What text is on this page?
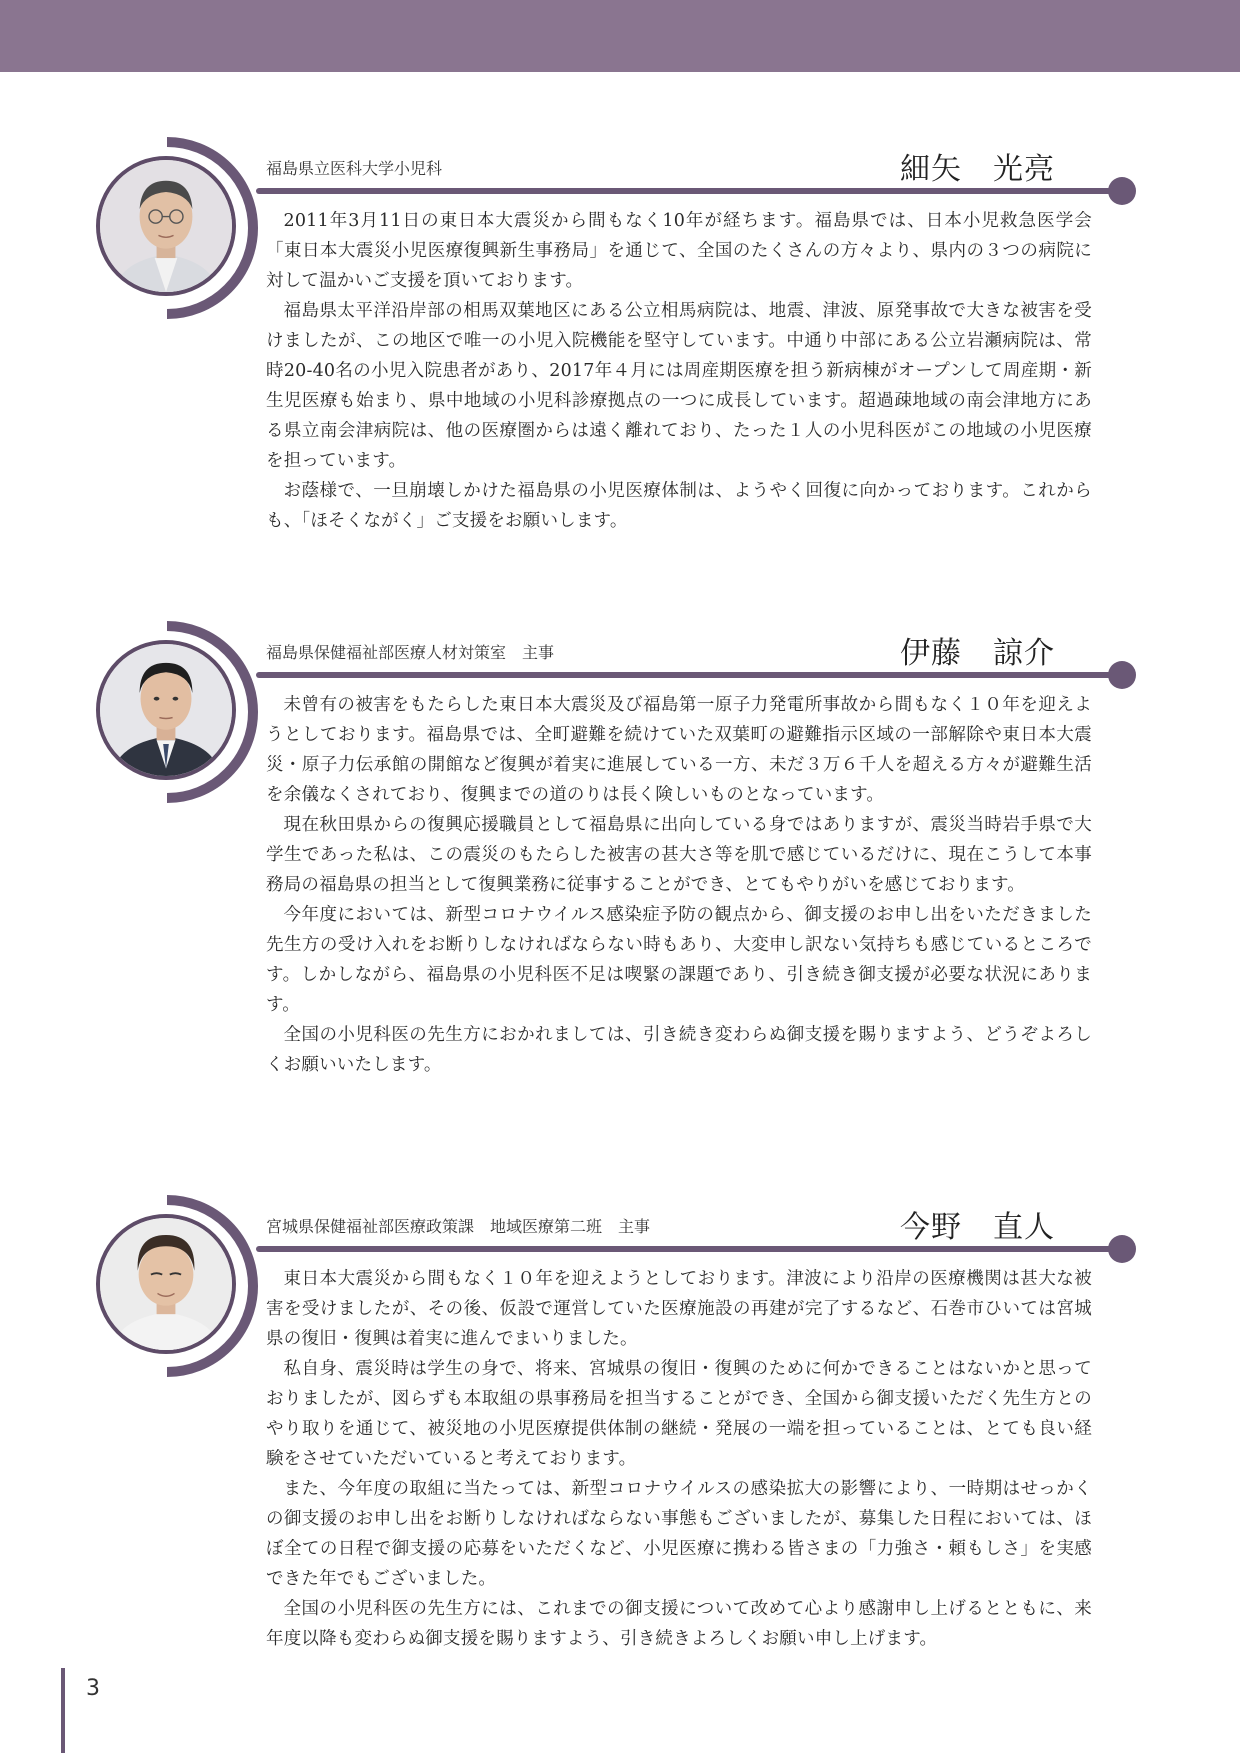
福島県立医科大学小児科	細矢　光亮

2011年3月11日の東日本大震災から間もなく10年が経ちます。福島県では、日本小児救急医学会「東日本大震災小児医療復興新生事務局」を通じて、全国のたくさんの方々より、県内の３つの病院に対して温かいご支援を頂いております。

福島県太平洋沿岸部の相馬双葉地区にある公立相馬病院は、地震、津波、原発事故で大きな被害を受けましたが、この地区で唯一の小児入院機能を堅守しています。中通り中部にある公立岩瀬病院は、常時20-40名の小児入院患者があり、2017年４月には周産期医療を担う新病棟がオープンして周産期・新生児医療も始まり、県中地域の小児科診療拠点の一つに成長しています。超過疎地域の南会津地方にある県立南会津病院は、他の医療圏からは遠く離れており、たった１人の小児科医がこの地域の小児医療を担っています。

お蔭様で、一旦崩壊しかけた福島県の小児医療体制は、ようやく回復に向かっております。これからも、「ほそくながく」ご支援をお願いします。

福島県保健福祉部医療人材対策室　主事	伊藤　諒介

未曾有の被害をもたらした東日本大震災及び福島第一原子力発電所事故から間もなく１０年を迎えようとしております。福島県では、全町避難を続けていた双葉町の避難指示区域の一部解除や東日本大震災・原子力伝承館の開館など復興が着実に進展している一方、未だ３万６千人を超える方々が避難生活を余儀なくされており、復興までの道のりは長く険しいものとなっています。

現在秋田県からの復興応援職員として福島県に出向している身ではありますが、震災当時岩手県で大学生であった私は、この震災のもたらした被害の甚大さ等を肌で感じているだけに、現在こうして本事務局の福島県の担当として復興業務に従事することができ、とてもやりがいを感じております。

今年度においては、新型コロナウイルス感染症予防の観点から、御支援のお申し出をいただきました先生方の受け入れをお断りしなければならない時もあり、大変申し訳ない気持ちも感じているところです。しかしながら、福島県の小児科医不足は喫緊の課題であり、引き続き御支援が必要な状況にあります。

全国の小児科医の先生方におかれましては、引き続き変わらぬ御支援を賜りますよう、どうぞよろしくお願いいたします。

宮城県保健福祉部医療政策課　地域医療第二班　主事	今野　直人

東日本大震災から間もなく１０年を迎えようとしております。津波により沿岸の医療機関は甚大な被害を受けましたが、その後、仮設で運営していた医療施設の再建が完了するなど、石巻市ひいては宮城県の復旧・復興は着実に進んでまいりました。

私自身、震災時は学生の身で、将来、宮城県の復旧・復興のために何かできることはないかと思っておりましたが、図らずも本取組の県事務局を担当することができ、全国から御支援いただく先生方とのやり取りを通じて、被災地の小児医療提供体制の継続・発展の一端を担っていることは、とても良い経験をさせていただいていると考えております。

また、今年度の取組に当たっては、新型コロナウイルスの感染拡大の影響により、一時期はせっかくの御支援のお申し出をお断りしなければならない事態もございましたが、募集した日程においては、ほぼ全ての日程で御支援の応募をいただくなど、小児医療に携わる皆さまの「力強さ・頼もしさ」を実感できた年でもございました。

全国の小児科医の先生方には、これまでの御支援について改めて心より感謝申し上げるとともに、来年度以降も変わらぬ御支援を賜りますよう、引き続きよろしくお願い申し上げます。

3
